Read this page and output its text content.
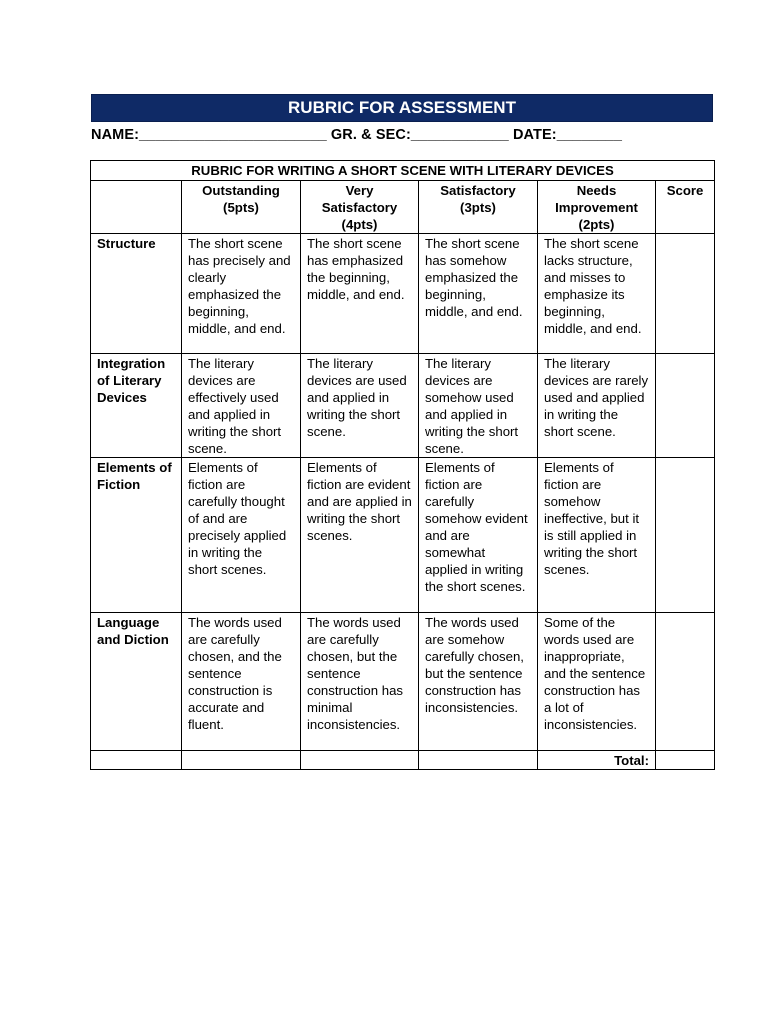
RUBRIC FOR ASSESSMENT
NAME:_______________________ GR. & SEC:____________ DATE:________
RUBRIC FOR WRITING A SHORT SCENE WITH LITERARY DEVICES					
	Outstanding (5pts)	Very Satisfactory (4pts)	Satisfactory (3pts)	Needs Improvement (2pts)	Score
Structure	The short scene has precisely and clearly emphasized the beginning, middle, and end.	The short scene has emphasized the beginning, middle, and end.	The short scene has somehow emphasized the beginning, middle, and end.	The short scene lacks structure, and misses to emphasize its beginning, middle, and end.	
Integration of Literary Devices	The literary devices are effectively used and applied in writing the short scene.	The literary devices are used and applied in writing the short scene.	The literary devices are somehow used and applied in writing the short scene.	The literary devices are rarely used and applied in writing the short scene.	
Elements of Fiction	Elements of fiction are carefully thought of and are precisely applied in writing the short scenes.	Elements of fiction are evident and are applied in writing the short scenes.	Elements of fiction are carefully somehow evident and are somewhat applied in writing the short scenes.	Elements of fiction are somehow ineffective, but it is still applied in writing the short scenes.	
Language and Diction	The words used are carefully chosen, and the sentence construction is accurate and fluent.	The words used are carefully chosen, but the sentence construction has minimal inconsistencies.	The words used are somehow carefully chosen, but the sentence construction has inconsistencies.	Some of the words used are inappropriate, and the sentence construction has a lot of inconsistencies.	
				Total:	
